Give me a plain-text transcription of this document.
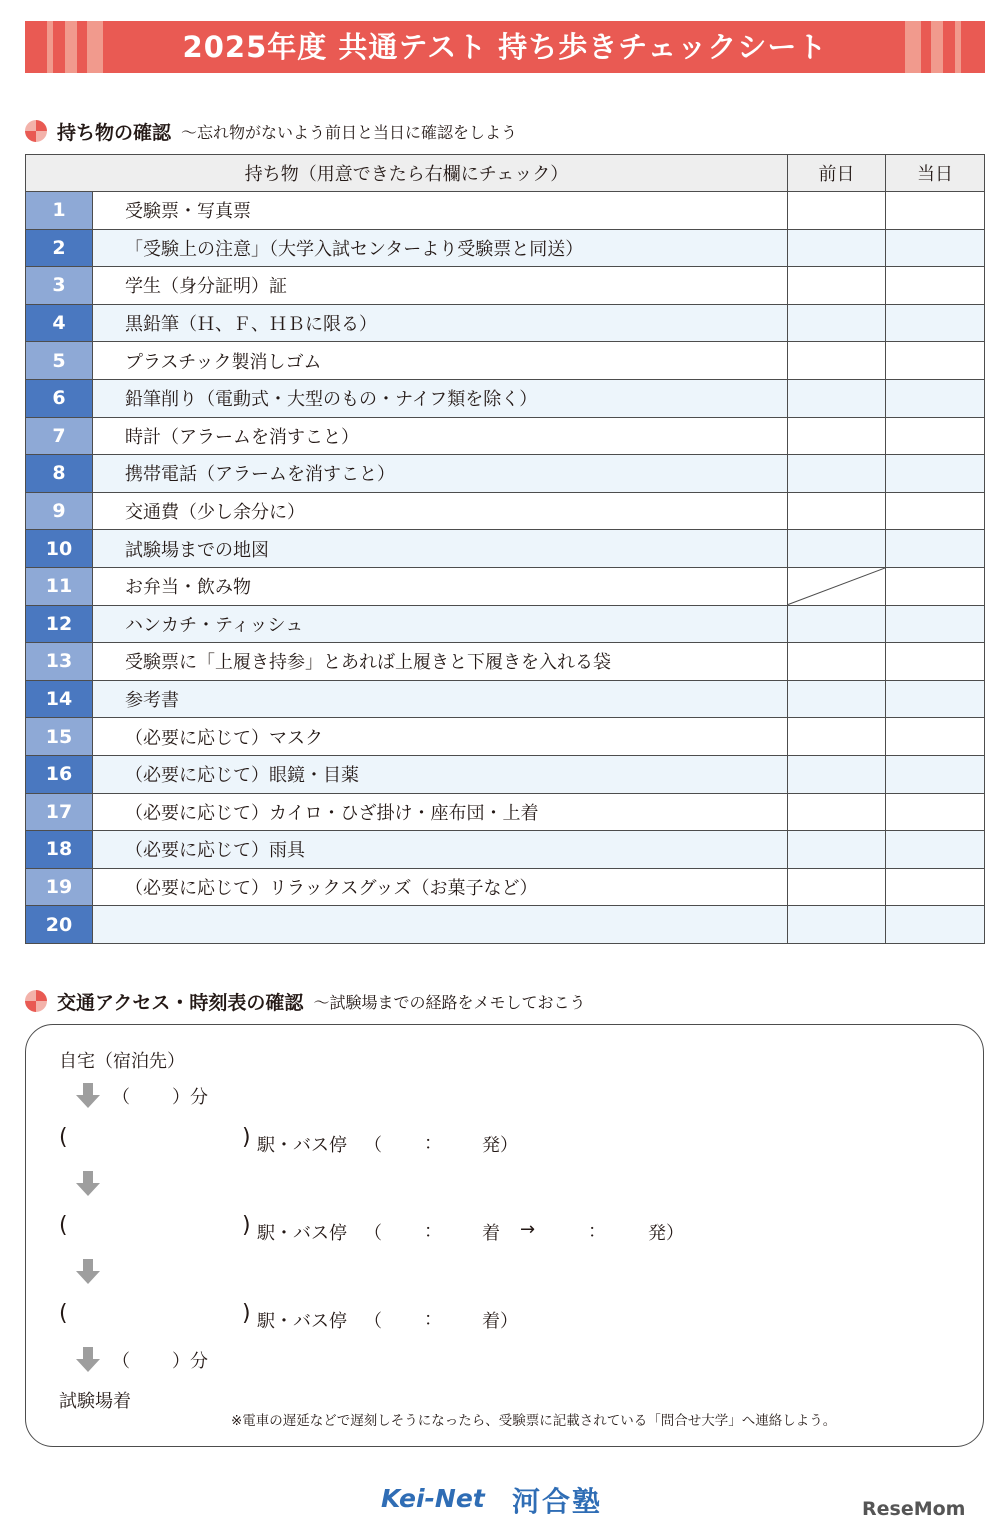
2025年度 共通テスト 持ち歩きチェックシート
持ち物の確認 ～忘れ物がないよう前日と当日に確認をしよう
持ち物（用意できたら右欄にチェック）		前日	当日
1	受験票・写真票		
2	「受験上の注意」（大学入試センターより受験票と同送）		
3	学生（身分証明）証		
4	黒鉛筆（Ｈ、Ｆ、ＨＢに限る）		
5	プラスチック製消しゴム		
6	鉛筆削り（電動式・大型のもの・ナイフ類を除く）		
7	時計（アラームを消すこと）		
8	携帯電話（アラームを消すこと）		
9	交通費（少し余分に）		
10	試験場までの地図		
11	お弁当・飲み物	

12	ハンカチ・ティッシュ		
13	受験票に「上履き持参」とあれば上履きと下履きを入れる袋		
14	参考書		
15	（必要に応じて）マスク		
16	（必要に応じて）眼鏡・目薬		
17	（必要に応じて）カイロ・ひざ掛け・座布団・上着		
18	（必要に応じて）雨具		
19	（必要に応じて）リラックスグッズ（お菓子など）		
20			
交通アクセス・時刻表の確認 ～試験場までの経路をメモしておこう
自宅（宿泊先）
（ ）分
(	) 駅・バス停 （ ： 発 ）
(	) 駅・バス停 （ ： 着 →	： 発 ）
(	) 駅・バス停 （ ： 着 ）
（ ）分
試験場着
※電車の遅延などで遅刻しそうになったら、受験票に記載されている「問合せ大学」へ連絡しよう。
Kei-Net 河合塾	ReseMom
